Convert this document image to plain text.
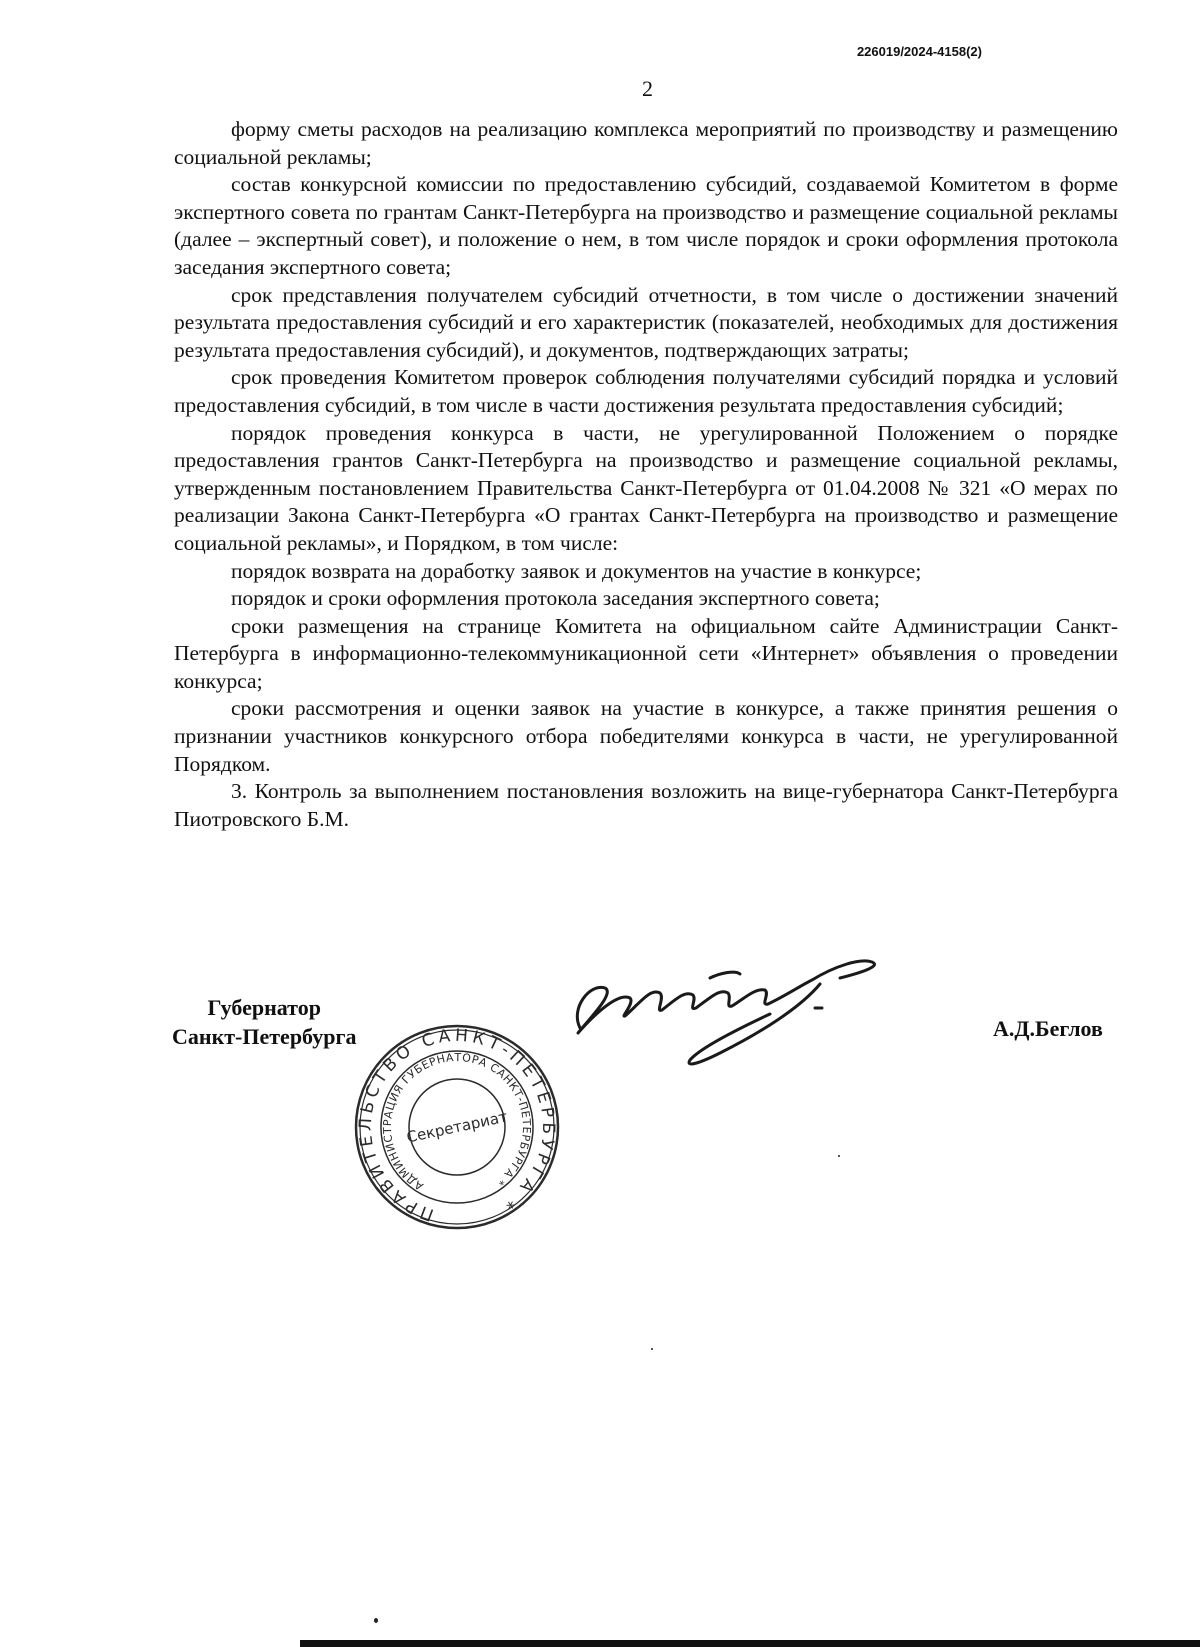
226019/2024-4158(2)
2

форму сметы расходов на реализацию комплекса мероприятий по производству и размещению социальной рекламы;

состав конкурсной комиссии по предоставлению субсидий, создаваемой Комитетом в форме экспертного совета по грантам Санкт-Петербурга на производство и размещение социальной рекламы (далее – экспертный совет), и положение о нем, в том числе порядок и сроки оформления протокола заседания экспертного совета;

срок представления получателем субсидий отчетности, в том числе о достижении значений результата предоставления субсидий и его характеристик (показателей, необходимых для достижения результата предоставления субсидий), и документов, подтверждающих затраты;

срок проведения Комитетом проверок соблюдения получателями субсидий порядка и условий предоставления субсидий, в том числе в части достижения результата предоставления субсидий;

порядок проведения конкурса в части, не урегулированной Положением о порядке предоставления грантов Санкт-Петербурга на производство и размещение социальной рекламы, утвержденным постановлением Правительства Санкт-Петербурга от 01.04.2008 № 321 «О мерах по реализации Закона Санкт-Петербурга «О грантах Санкт-Петербурга на производство и размещение социальной рекламы», и Порядком, в том числе:

порядок возврата на доработку заявок и документов на участие в конкурсе;

порядок и сроки оформления протокола заседания экспертного совета;

сроки размещения на странице Комитета на официальном сайте Администрации Санкт-Петербурга в информационно-телекоммуникационной сети «Интернет» объявления о проведении конкурса;

сроки рассмотрения и оценки заявок на участие в конкурсе, а также принятия решения о признании участников конкурсного отбора победителями конкурса в части, не урегулированной Порядком.

3. Контроль за выполнением постановления возложить на вице-губернатора Санкт-Петербурга Пиотровского Б.М.

Губернатор
Санкт-Петербурга
ПРАВИТЕЛЬСТВО САНКТ-ПЕТЕРБУРГА *
АДМИНИСТРАЦИЯ ГУБЕРНАТОРА САНКТ-ПЕТЕРБУРГА *
Секретариат
А.Д.Беглов
